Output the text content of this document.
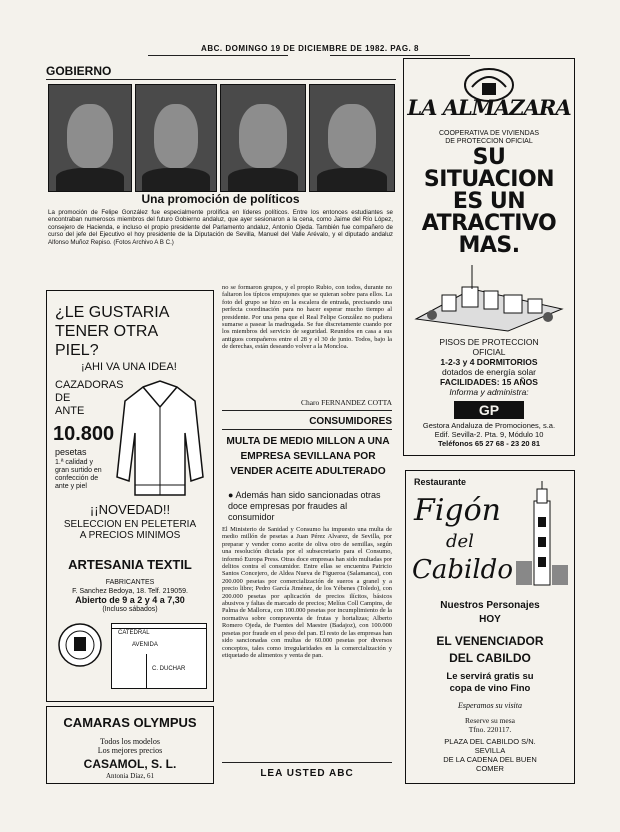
ABC. DOMINGO 19 DE DICIEMBRE DE 1982. PAG. 8
GOBIERNO
Una promoción de políticos
La promoción de Felipe González fue especialmente prolífica en líderes políticos. Entre los entonces estudiantes se encontraban numerosos miembros del futuro Gobierno andaluz, que ayer sesionaron a la cena, como Jaime del Río López, consejero de Hacienda, e incluso el propio presidente del Parlamento andaluz, Antonio Ojeda. También fue compañero de curso del jefe del Ejecutivo el hoy presidente de la Diputación de Sevilla, Manuel del Valle Arévalo, y el diputado andaluz Alfonso Muñoz Repiso. (Fotos Archivo A B C.)
LA ALMAZARA
COOPERATIVA DE VIVIENDAS
DE PROTECCION OFICIAL
SU
SITUACION
ES UN
ATRACTIVO
MAS.
PISOS DE PROTECCION
OFICIAL
1-2-3 y 4 DORMITORIOS
dotados de energía solar
FACILIDADES: 15 AÑOS
Informa y administra:
GP
Gestora Andaluza de Promociones, s.a.
Edif. Sevilla-2. Pta. 9, Módulo 10
Teléfonos 65 27 68 - 23 20 81
¿LE GUSTARIA
TENER OTRA
PIEL?
¡AHI VA UNA IDEA!
CAZADORAS
DE
ANTE
10.800
pesetas
1.ª calidad y gran surtido en confección de ante y piel
¡¡NOVEDAD!!
SELECCION EN PELETERIA
A PRECIOS MINIMOS
ARTESANIA TEXTIL
FABRICANTES
F. Sanchez Bedoya, 18. Telf. 219059.
Abierto de 9 a 2 y 4 a 7,30
(Incluso sábados)
CATEDRAL
AVENIDA
C. DUCHAR
CAMARAS OLYMPUS
Todos los modelos
Los mejores precios
CASAMOL, S. L.
Antonia Díaz, 61
no se formaron grupos, y el propio Rubio, con todos, durante no faltaron los típicos empujones que se quieran sobre para ellos. La foto del grupo se hizo en la escalera de entrada, precisando una perfecta coordinación para no hacer esperar mucho tiempo al presidente. Por una pena que el Real Felipe González no pudiera sumarse a pasear la madrugada. Se fue discretamente cuando por los miembros del servicio de seguridad. Reunidos en casa a sus antiguos compañeros entre el 28 y el 30 de junio. Todos, bajo la de derechas, están deseando volver a la Moncloa.
Charo FERNANDEZ COTTA
CONSUMIDORES
MULTA DE MEDIO MILLON A UNA EMPRESA SEVILLANA POR VENDER ACEITE ADULTERADO
● Además han sido sancionadas otras doce empresas por fraudes al consumidor
El Ministerio de Sanidad y Consumo ha impuesto una multa de medio millón de pesetas a Juan Pérez Alvarez, de Sevilla, por preparar y vender como aceite de oliva otro de semillas, según una resolución dictada por el subsecretario para el Consumo, informó Europa Press. Otras doce empresas han sido multadas por delitos contra el consumidor. Entre ellas se encuentra Patricio Santos Concejero, de Aldea Nueva de Figueroa (Salamanca), con 200.000 pesetas por comercialización de sueros a granel y a precio libre; Pedro García Jiménez, de los Yébenes (Toledo), con 200.000 pesetas por aplicación de precios ilícitos, básicos abusivos y faltas de marcado de precios; Melíus Coll Campins, de Palma de Mallorca, con 100.000 pesetas por incumplimiento de la normativa sobre compraventa de frutas y hortalizas; Alberto Romero Ojeda, de Fuentes del Maestre (Badajoz), con 100.000 pesetas por fraude en el peso del pan. El resto de las empresas han sido sancionadas con multas de 60.000 pesetas por diversos conceptos, tales como irregularidades en la comercialización y etiquetado de alimentos y venta de pan.
LEA USTED ABC
Restaurante
Figón
del
Cabildo
Nuestros Personajes
HOY
EL VENENCIADOR
DEL CABILDO
Le servirá gratis su
copa de vino Fino
Esperamos su visita
Reserve su mesa
Tfno. 220117.
PLAZA DEL CABILDO S/N.
SEVILLA
DE LA CADENA DEL BUEN
COMER
